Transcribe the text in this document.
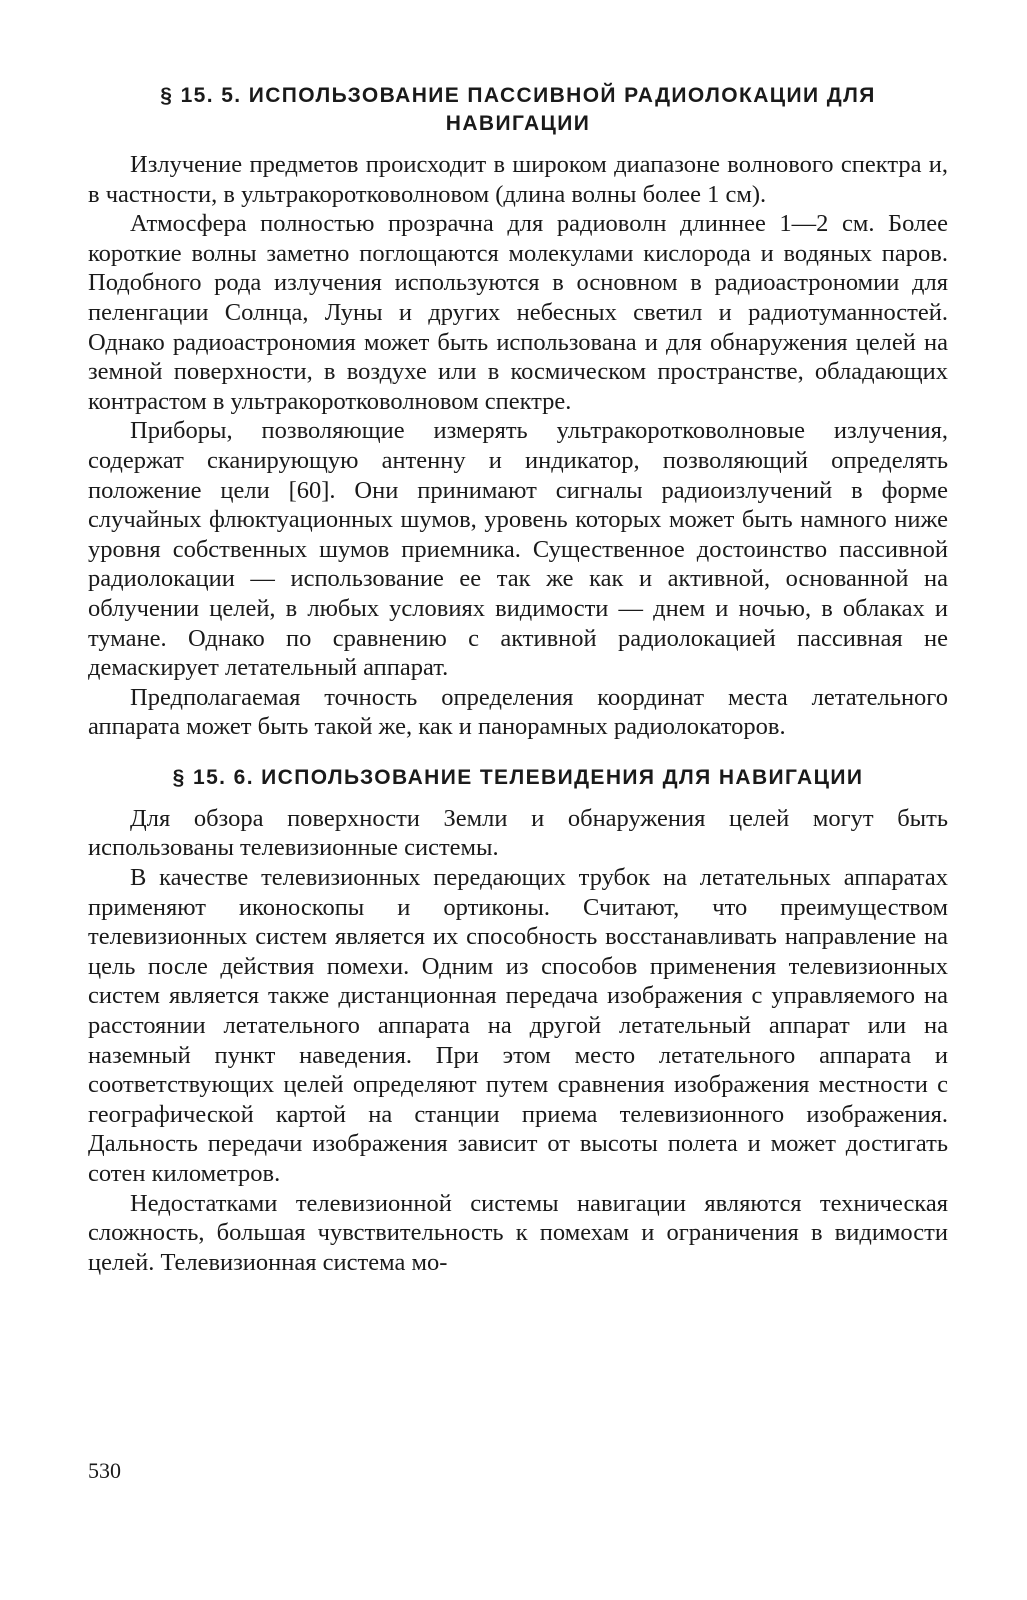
§ 15. 5. ИСПОЛЬЗОВАНИЕ ПАССИВНОЙ РАДИОЛОКАЦИИ ДЛЯ НАВИГАЦИИ

Излучение предметов происходит в широком диапазоне волнового спектра и, в частности, в ультракоротковолновом (длина волны более 1 см).

Атмосфера полностью прозрачна для радиоволн длиннее 1—2 см. Более короткие волны заметно поглощаются молекулами кислорода и водяных паров. Подобного рода излучения используются в основном в радиоастрономии для пеленгации Солнца, Луны и других небесных светил и радиотуманностей. Однако радиоастрономия может быть использована и для обнаружения целей на земной поверхности, в воздухе или в космическом пространстве, обладающих контрастом в ультракоротковолновом спектре.

Приборы, позволяющие измерять ультракоротковолновые излучения, содержат сканирующую антенну и индикатор, позволяющий определять положение цели [60]. Они принимают сигналы радиоизлучений в форме случайных флюктуационных шумов, уровень которых может быть намного ниже уровня собственных шумов приемника. Существенное достоинство пассивной радиолокации — использование ее так же как и активной, основанной на облучении целей, в любых условиях видимости — днем и ночью, в облаках и тумане. Однако по сравнению с активной радиолокацией пассивная не демаскирует летательный аппарат.

Предполагаемая точность определения координат места летательного аппарата может быть такой же, как и панорамных радиолокаторов.

§ 15. 6. ИСПОЛЬЗОВАНИЕ ТЕЛЕВИДЕНИЯ ДЛЯ НАВИГАЦИИ

Для обзора поверхности Земли и обнаружения целей могут быть использованы телевизионные системы.

В качестве телевизионных передающих трубок на летательных аппаратах применяют иконоскопы и ортиконы. Считают, что преимуществом телевизионных систем является их способность восстанавливать направление на цель после действия помехи. Одним из способов применения телевизионных систем является также дистанционная передача изображения с управляемого на расстоянии летательного аппарата на другой летательный аппарат или на наземный пункт наведения. При этом место летательного аппарата и соответствующих целей определяют путем сравнения изображения местности с географической картой на станции приема телевизионного изображения. Дальность передачи изображения зависит от высоты полета и может достигать сотен километров.

Недостатками телевизионной системы навигации являются техническая сложность, большая чувствительность к помехам и ограничения в видимости целей. Телевизионная система мо-

530
